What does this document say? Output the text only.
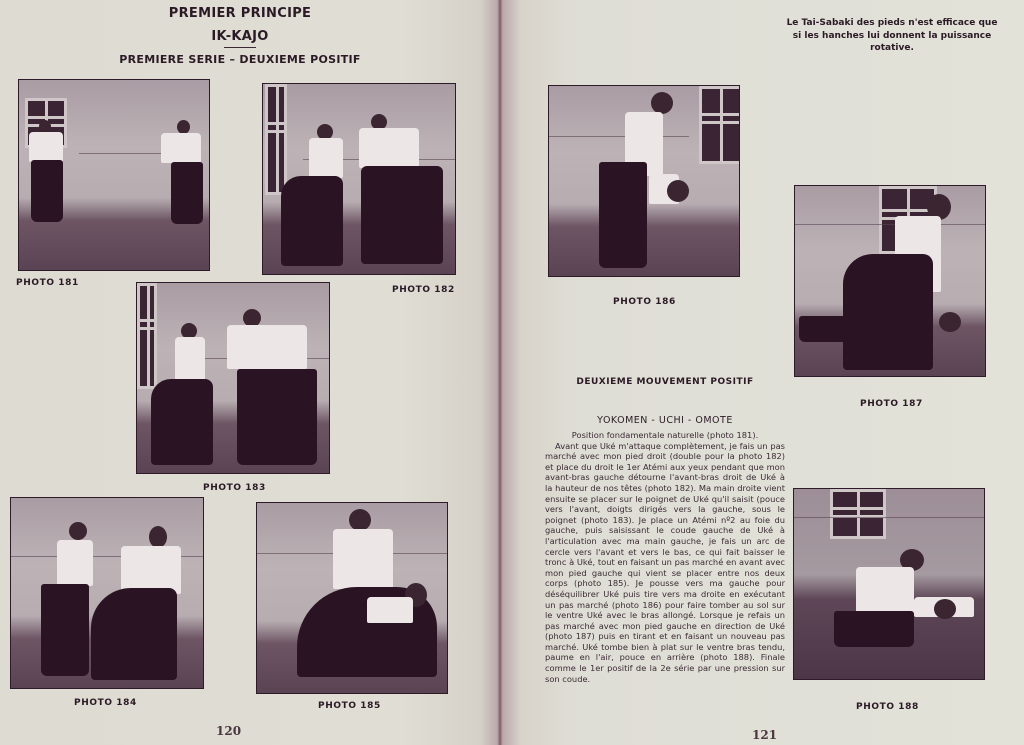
PREMIER PRINCIPE
IK-KAJO
PREMIERE SERIE – DEUXIEME POSITIF
PHOTO 181
PHOTO 182
PHOTO 183
PHOTO 184	PHOTO 185
120
Le Tai-Sabaki des pieds n'est efficace que si les hanches lui donnent la puissance rotative.
PHOTO 186
PHOTO 187
DEUXIEME MOUVEMENT POSITIF
YOKOMEN - UCHI - OMOTE

Position fondamentale naturelle (photo 181).

Avant que Uké m'attaque complètement, je fais un pas marché avec mon pied droit (double pour la photo 182) et place du droit le 1er Atémi aux yeux pendant que mon avant-bras gauche détourne l'avant-bras droit de Uké à la hauteur de nos têtes (photo 182). Ma main droite vient ensuite se placer sur le poignet de Uké qu'il saisit (pouce vers l'avant, doigts dirigés vers la gauche, sous le poignet (photo 183). Je place un Atémi nº2 au foie du gauche, puis saisissant le coude gauche de Uké à l'articulation avec ma main gauche, je fais un arc de cercle vers l'avant et vers le bas, ce qui fait baisser le tronc à Uké, tout en faisant un pas marché en avant avec mon pied gauche qui vient se placer entre nos deux corps (photo 185). Je pousse vers ma gauche pour déséquilibrer Uké puis tire vers ma droite en exécutant un pas marché (photo 186) pour faire tomber au sol sur le ventre Uké avec le bras allongé. Lorsque je refais un pas marché avec mon pied gauche en direction de Uké (photo 187) puis en tirant et en faisant un nouveau pas marché. Uké tombe bien à plat sur le ventre bras tendu, paume en l'air, pouce en arrière (photo 188). Finale comme le 1er positif de la 2e série par une pression sur son coude.

PHOTO 188
121
